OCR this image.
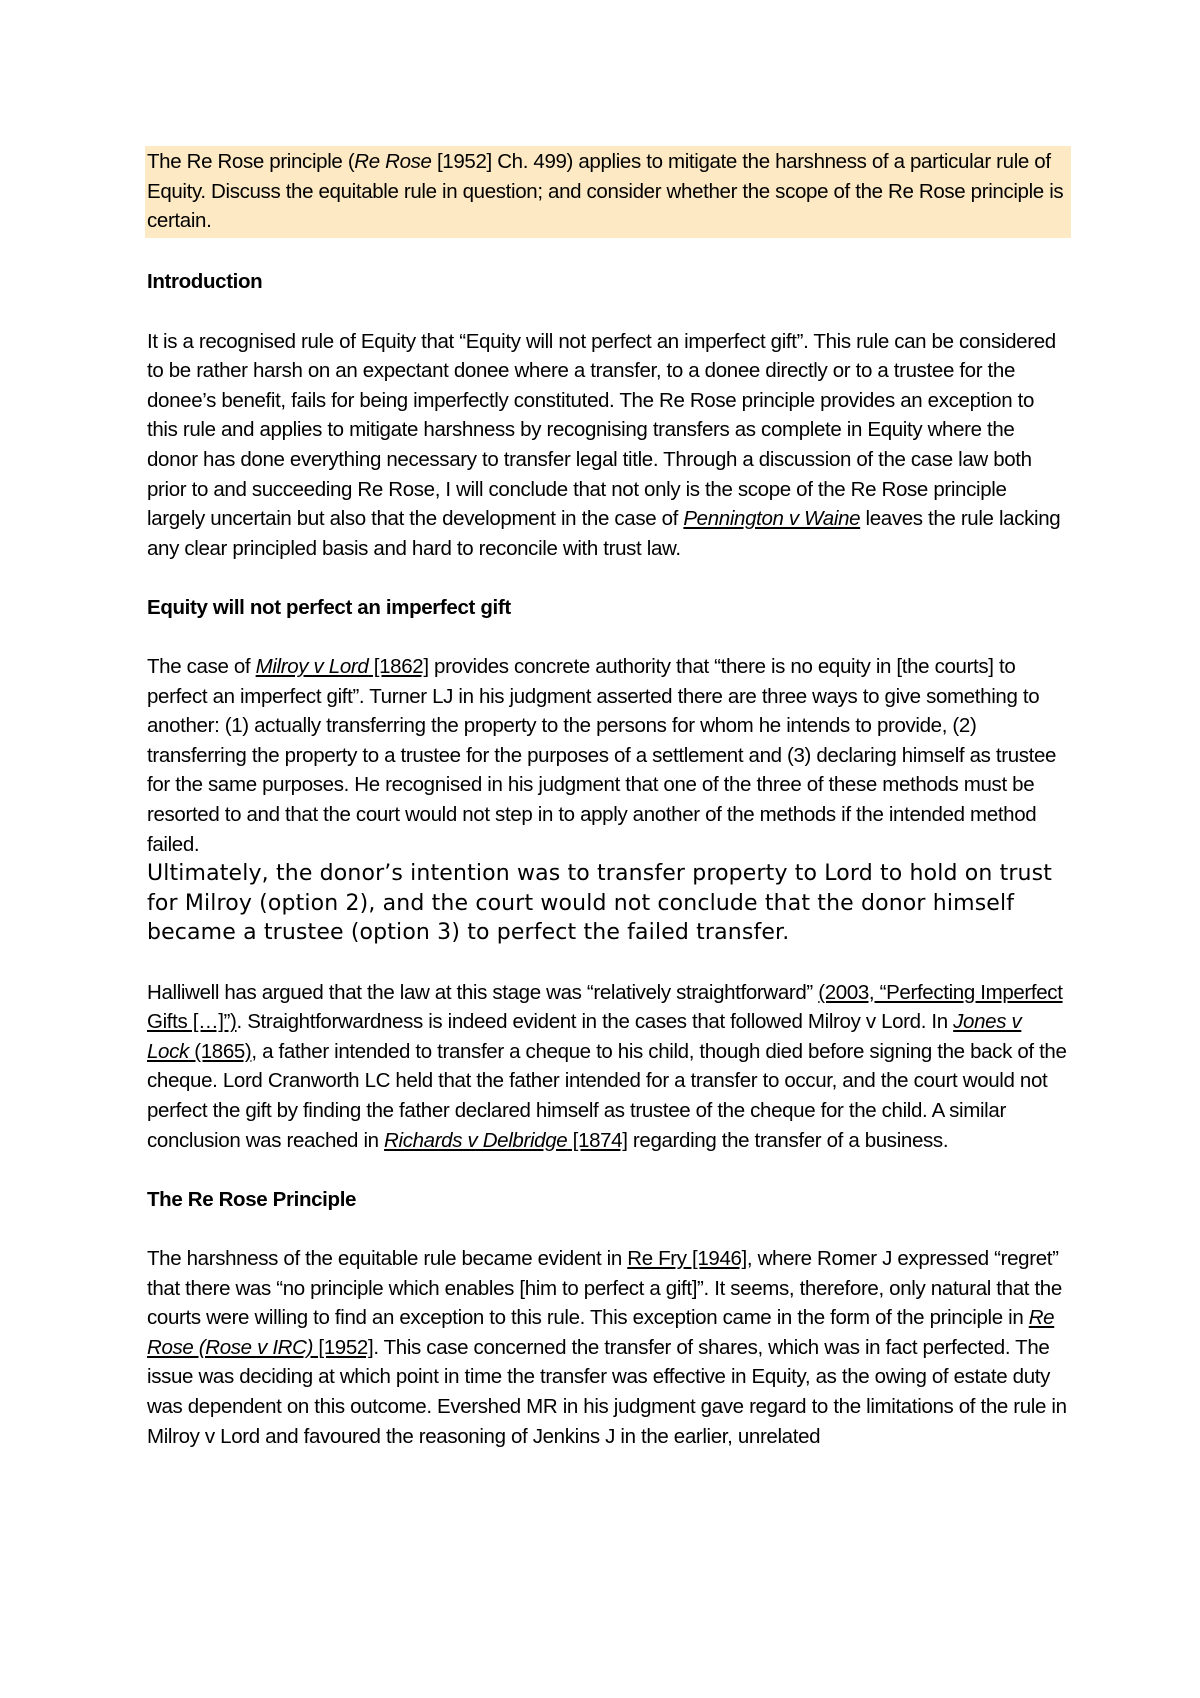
The Re Rose principle (Re Rose [1952] Ch. 499) applies to mitigate the harshness of a particular rule of Equity. Discuss the equitable rule in question; and consider whether the scope of the Re Rose principle is certain.

Introduction

It is a recognised rule of Equity that “Equity will not perfect an imperfect gift”. This rule can be considered to be rather harsh on an expectant donee where a transfer, to a donee directly or to a trustee for the donee’s benefit, fails for being imperfectly constituted. The Re Rose principle provides an exception to this rule and applies to mitigate harshness by recognising transfers as complete in Equity where the donor has done everything necessary to transfer legal title. Through a discussion of the case law both prior to and succeeding Re Rose, I will conclude that not only is the scope of the Re Rose principle largely uncertain but also that the development in the case of Pennington v Waine leaves the rule lacking any clear principled basis and hard to reconcile with trust law.

Equity will not perfect an imperfect gift

The case of Milroy v Lord [1862] provides concrete authority that “there is no equity in [the courts] to perfect an imperfect gift”. Turner LJ in his judgment asserted there are three ways to give something to another: (1) actually transferring the property to the persons for whom he intends to provide, (2) transferring the property to a trustee for the purposes of a settlement and (3) declaring himself as trustee for the same purposes. He recognised in his judgment that one of the three of these methods must be resorted to and that the court would not step in to apply another of the methods if the intended method failed.
Ultimately, the donor’s intention was to transfer property to Lord to hold on trust for Milroy (option 2), and the court would not conclude that the donor himself became a trustee (option 3) to perfect the failed transfer.

Halliwell has argued that the law at this stage was “relatively straightforward” (2003, “Perfecting Imperfect Gifts […]”). Straightforwardness is indeed evident in the cases that followed Milroy v Lord. In Jones v Lock (1865), a father intended to transfer a cheque to his child, though died before signing the back of the cheque. Lord Cranworth LC held that the father intended for a transfer to occur, and the court would not perfect the gift by finding the father declared himself as trustee of the cheque for the child. A similar conclusion was reached in Richards v Delbridge [1874] regarding the transfer of a business.

The Re Rose Principle

The harshness of the equitable rule became evident in Re Fry [1946], where Romer J expressed “regret” that there was “no principle which enables [him to perfect a gift]”. It seems, therefore, only natural that the courts were willing to find an exception to this rule. This exception came in the form of the principle in Re Rose (Rose v IRC) [1952]. This case concerned the transfer of shares, which was in fact perfected. The issue was deciding at which point in time the transfer was effective in Equity, as the owing of estate duty was dependent on this outcome. Evershed MR in his judgment gave regard to the limitations of the rule in Milroy v Lord and favoured the reasoning of Jenkins J in the earlier, unrelated
